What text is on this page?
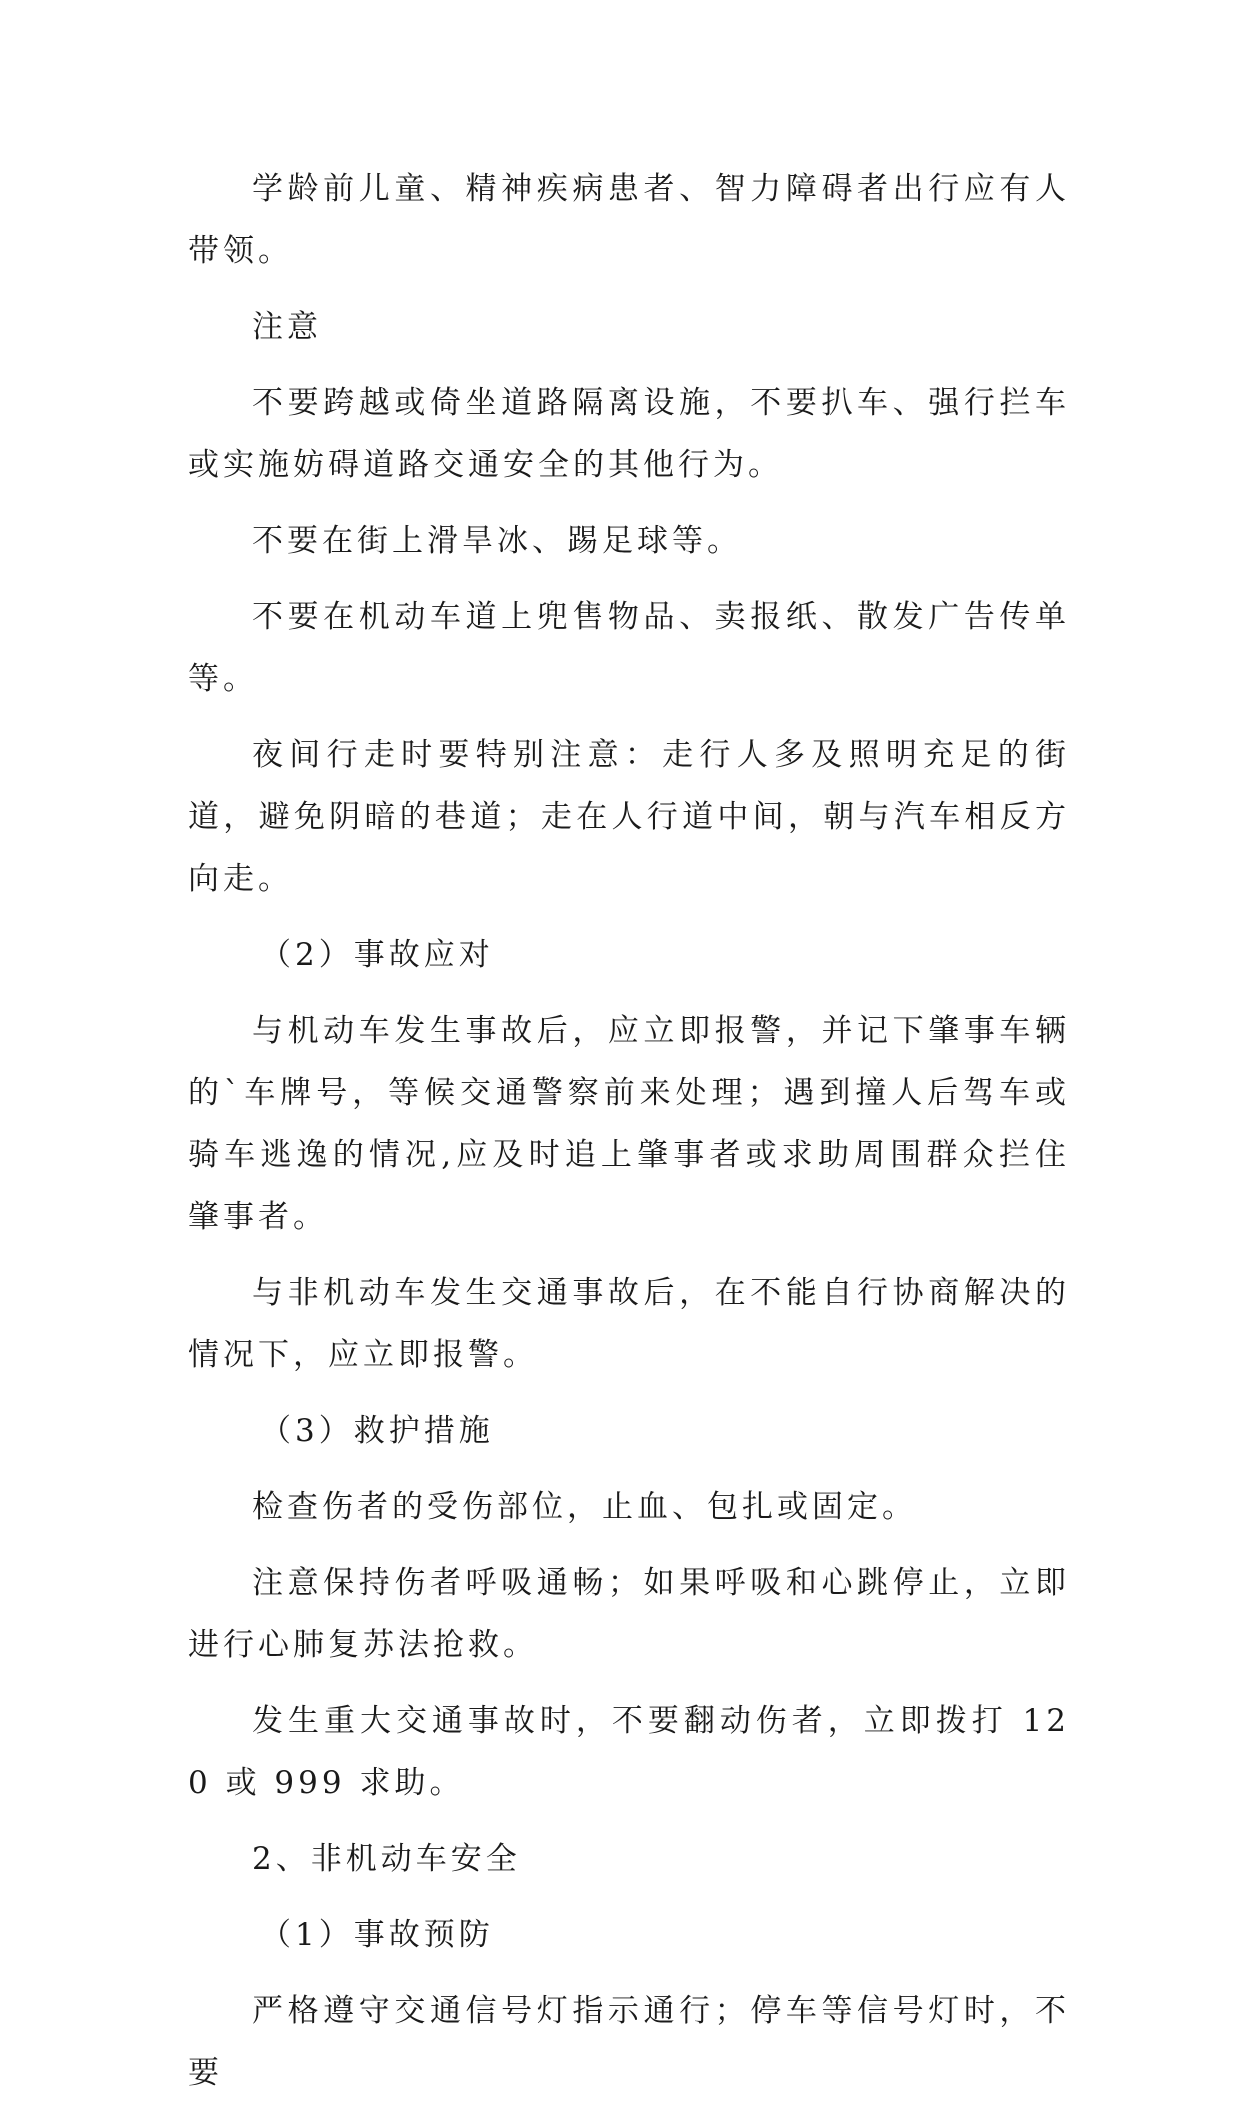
学龄前儿童、精神疾病患者、智力障碍者出行应有人带领。

注意

不要跨越或倚坐道路隔离设施，不要扒车、强行拦车或实施妨碍道路交通安全的其他行为。

不要在街上滑旱冰、踢足球等。

不要在机动车道上兜售物品、卖报纸、散发广告传单等。

夜间行走时要特别注意：走行人多及照明充足的街道，避免阴暗的巷道；走在人行道中间，朝与汽车相反方向走。

（2）事故应对

与机动车发生事故后，应立即报警，并记下肇事车辆的`车牌号，等候交通警察前来处理；遇到撞人后驾车或骑车逃逸的情况,应及时追上肇事者或求助周围群众拦住肇事者。

与非机动车发生交通事故后，在不能自行协商解决的情况下，应立即报警。

（3）救护措施

检查伤者的受伤部位，止血、包扎或固定。

注意保持伤者呼吸通畅；如果呼吸和心跳停止，立即进行心肺复苏法抢救。

发生重大交通事故时，不要翻动伤者，立即拨打 120 或 999 求助。

2、非机动车安全

（1）事故预防

严格遵守交通信号灯指示通行；停车等信号灯时，不要
